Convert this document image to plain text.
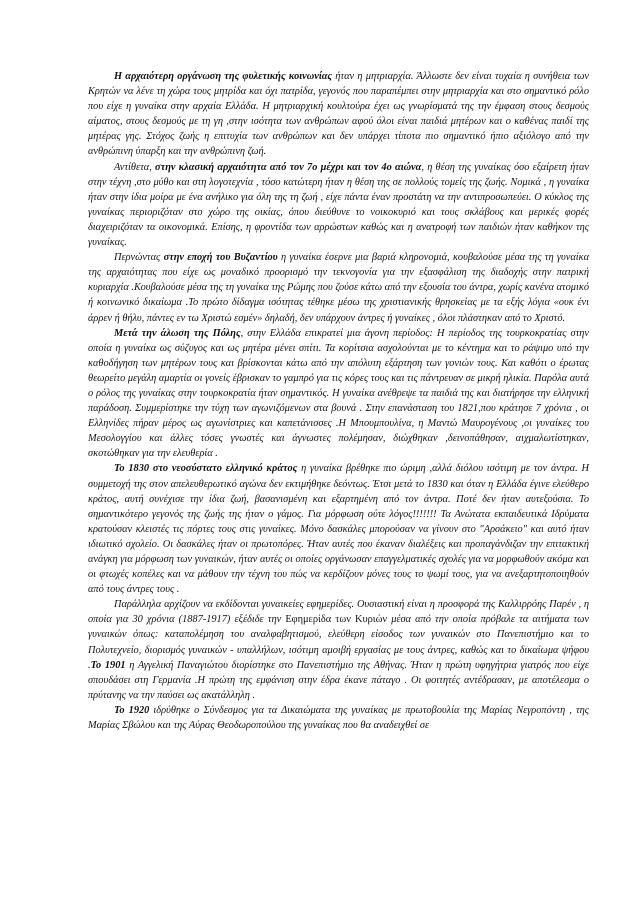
Η αρχαιότερη οργάνωση της φυλετικής κοινωνίας ήταν η μητριαρχία. Άλλωστε δεν είναι τυχαία η συνήθεια των Κρητών να λένε τη χώρα τους μητρίδα και όχι πατρίδα, γεγονός που παραπέμπει στην μητριαρχία και στο σημαντικό ρόλο που είχε η γυναίκα στην αρχαία Ελλάδα. Η μητριαρχική κουλτούρα έχει ως γνωρίσματά της την έμφαση στους δεσμούς αίματος, στους δεσμούς με τη γη ,στην ισότητα των ανθρώπων αφού όλοι είναι παιδιά μητέρων και ο καθένας παιδί της μητέρας γης. Στόχος ζωής η επιτυχία των ανθρώπων και δεν υπάρχει τίποτα πιο σημαντικό ήπιο αξιόλογο από την ανθρώπινη ύπαρξη και την ανθρώπινη ζωή.

Αντίθετα, στην κλασική αρχαιότητα από τον 7ο μέχρι και τον 4ο αιώνα, η θέση της γυναίκας όσο εξαίρετη ήταν στην τέχνη ,στο μύθο και στη λογοτεχνία , τόσο κατώτερη ήταν η θέση της σε πολλούς τομείς της ζωής. Νομικά , η γυναίκα ήταν στην ίδια μοίρα με ένα ανήλικο για όλη της τη ζωή , είχε πάντα έναν προστάτη να την αντιπροσωπεύει. Ο κύκλος της γυναίκας περιοριζόταν στο χώρο της οικίας, όπου διεύθυνε το νοικοκυριό και τους σκλάβους και μερικές φορές διαχειριζόταν τα οικονομικά. Επίσης, η φροντίδα των αρρώστων καθώς και η ανατροφή των παιδιών ήταν καθήκον της γυναίκας.

Περνώντας στην εποχή του Βυζαντίου η γυναίκα έσερνε μια βαριά κληρονομιά, κουβαλούσε μέσα της τη γυναίκα της αρχαιότητας που είχε ως μοναδικό προορισμό την τεκνογονία για την εξασφάλιση της διαδοχής στην πατρική κυριαρχία .Κουβαλούσε μέσα της τη γυναίκα της Ρώμης που ζούσε κάτω από την εξουσία του άντρα, χωρίς κανένα ατομικό ή κοινωνικό δικαίωμα .Το πρώτο δίδαγμα ισότητας τέθηκε μέσω της χριστιανικής θρησκείας με τα εξής λόγια «ουκ ένι άρρεν ή θήλυ, πάντες εν τω Χριστώ εσμέν» δηλαδή, δεν υπάρχουν άντρες ή γυναίκες , όλοι πλάστηκαν από το Χριστό.

Μετά την άλωση της Πόλης, στην Ελλάδα επικρατεί μια άγονη περίοδος: Η περίοδος της τουρκοκρατίας στην οποία η γυναίκα ως σύζυγος και ως μητέρα μένει σπίτι. Τα κορίτσια ασχολούνται με το κέντημα και το ράψιμο υπό την καθοδήγηση των μητέρων τους και βρίσκονται κάτω από την απόλυτη εξάρτηση των γονιών τους. Και καθότι ο έρωτας θεωρείτο μεγάλη αμαρτία οι γονείς έβρισκαν το γαμπρό για τις κόρες τους και τις πάντρευαν σε μικρή ηλικία. Παρόλα αυτά ο ρόλος της γυναίκας στην τουρκοκρατία ήταν σημαντικός. Η γυναίκα ανέθρεψε τα παιδιά της και διατήρησε την ελληνική παράδοση. Συμμερίστηκε την τύχη των αγωνιζόμενων στα βουνά . Στην επανάσταση του 1821,που κράτησε 7 χρόνια , οι Ελληνίδες πήραν μέρος ως αγωνίστριες και καπετάνισσες .Η Μπουμπουλίνα, η Μαντώ Μαυρογένους ,οι γυναίκες του Μεσολογγίου και άλλες τόσες γνωστές και άγνωστες πολέμησαν, διώχθηκαν ,δεινοπάθησαν, αιχμαλωτίστηκαν, σκοτώθηκαν για την ελευθερία .

Το 1830 στο νεοσύστατο ελληνικό κράτος η γυναίκα βρέθηκε πιο ώριμη ,αλλά διόλου ισότιμη με τον άντρα. Η συμμετοχή της στον απελευθερωτικό αγώνα δεν εκτιμήθηκε δεόντως. Έτσι μετά το 1830 και όταν η Ελλάδα έγινε ελεύθερο κράτος, αυτή συνέχισε την ίδια ζωή, βασανισμένη και εξαρτημένη από τον άντρα. Ποτέ δεν ήταν αυτεξούσια. Το σημαντικότερο γεγονός της ζωής της ήταν ο γάμος. Για μόρφωση ούτε λόγος!!!!!!! Τα Ανώτατα εκπαιδευτικά Ιδρύματα κρατούσαν κλειστές τις πόρτες τους στις γυναίκες. Μόνο δασκάλες μπορούσαν να γίνουν στο "Αρσάκειο" και αυτό ήταν ιδιωτικό σχολείο. Οι δασκάλες ήταν οι πρωτοπόρες. Ήταν αυτές που έκαναν διαλέξεις και προπαγάνδιζαν την επιτακτική ανάγκη για μόρφωση των γυναικών, ήταν αυτές οι οποίες οργάνωσαν επαγγελματικές σχολές για να μορφωθούν ακόμα και οι φτωχές κοπέλες και να μάθουν την τέχνη του πώς να κερδίζουν μόνες τους το ψωμί τους, για να ανεξαρτητοποιηθούν από τους άντρες τους .

Παράλληλα αρχίζουν να εκδίδονται γυναικείες εφημερίδες. Ουσιαστική είναι η προσφορά της Καλλιρρόης Παρέν , η οποία για 30 χρόνια (1887-1917) εξέδιδε την Εφημερίδα των Κυριών μέσα από την οποία πρόβαλε τα αιτήματα των γυναικών όπως: καταπολέμηση του αναλφαβητισμού, ελεύθερη είσοδος των γυναικών στο Πανεπιστήμιο και το Πολυτεχνείο, διορισμός γυναικών - υπαλλήλων, ισότιμη αμοιβή εργασίας με τους άντρες, καθώς και το δικαίωμα ψήφου .Το 1901 η Αγγελική Παναγιώτου διορίστηκε στο Πανεπιστήμιο της Αθήνας. Ήταν η πρώτη υφηγήτρια γιατρός που είχε σπουδάσει στη Γερμανία .Η πρώτη της εμφάνιση στην έδρα έκανε πάταγο . Οι φοιτητές αντέδρασαν, με αποτέλεσμα ο πρύτανης να την παύσει ως ακατάλληλη .

Το 1920 ιδρύθηκε ο Σύνδεσμος για τα Δικαιώματα της γυναίκας με πρωτοβουλία της Μαρίας Νεγροπόντη , της Μαρίας Σβώλου και της Αύρας Θεοδωροπούλου της γυναίκας που θα αναδειχθεί σε
